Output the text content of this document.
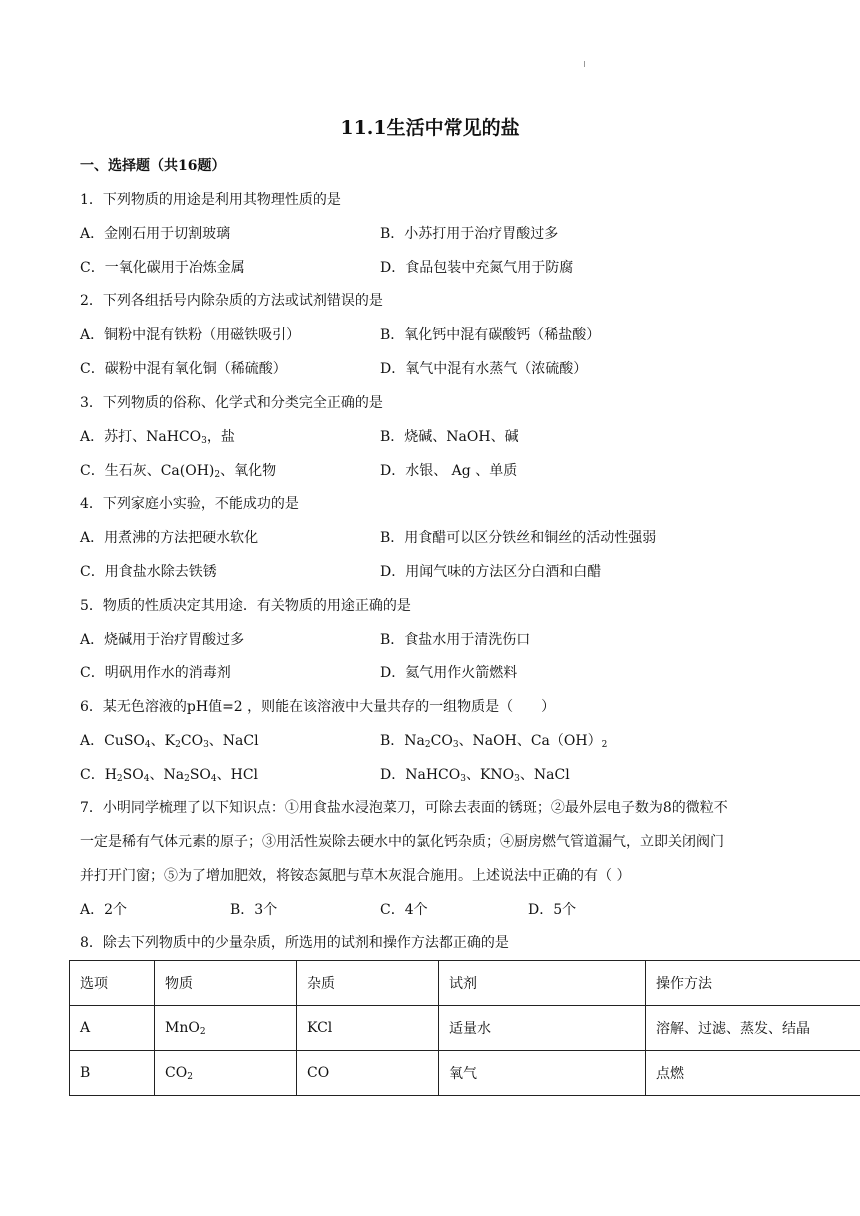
11.1生活中常见的盐
一、选择题（共16题）
1．下列物质的用途是利用其物理性质的是
A．金刚石用于切割玻璃	B．小苏打用于治疗胃酸过多
C．一氧化碳用于冶炼金属	D．食品包装中充氮气用于防腐
2．下列各组括号内除杂质的方法或试剂错误的是
A．铜粉中混有铁粉（用磁铁吸引）	B．氧化钙中混有碳酸钙（稀盐酸）
C．碳粉中混有氧化铜（稀硫酸）	D．氧气中混有水蒸气（浓硫酸）
3．下列物质的俗称、化学式和分类完全正确的是
A．苏打、NaHCO$_3$，盐	B．烧碱、NaOH、碱
C．生石灰、$Ca(OH)_2$、氧化物	D．水银、 Ag 、单质
4．下列家庭小实验，不能成功的是
A．用煮沸的方法把硬水软化	B．用食醋可以区分铁丝和铜丝的活动性强弱
C．用食盐水除去铁锈	D．用闻气味的方法区分白酒和白醋
5．物质的性质决定其用途．有关物质的用途正确的是
A．烧碱用于治疗胃酸过多	B．食盐水用于清洗伤口
C．明矾用作水的消毒剂	D．氦气用作火箭燃料
6．某无色溶液的pH值=2 ，则能在该溶液中大量共存的一组物质是（　　）
A．CuSO$_4$、$K_2CO_3$、NaCl	B．$Na_2CO_3$、NaOH、$Ca(OH)_2$
C．$H_2SO_4$、$Na_2SO_4$、HCl	D．NaHCO$_3$、$KNO_3$、NaCl
7．小明同学梳理了以下知识点：①用食盐水浸泡菜刀，可除去表面的锈斑；②最外层电子数为8的微粒不
一定是稀有气体元素的原子；③用活性炭除去硬水中的氯化钙杂质；④厨房燃气管道漏气，立即关闭阀门
并打开门窗；⑤为了增加肥效，将铵态氮肥与草木灰混合施用。上述说法中正确的有（ ）
A．2个	B．3个	C．4个	D．5个
8．除去下列物质中的少量杂质，所选用的试剂和操作方法都正确的是
选项	物质	杂质	试剂	操作方法
A	MnO$_2$	KCl	适量水	溶解、过滤、蒸发、结晶
B	$CO_2$	CO	氧气	点燃
